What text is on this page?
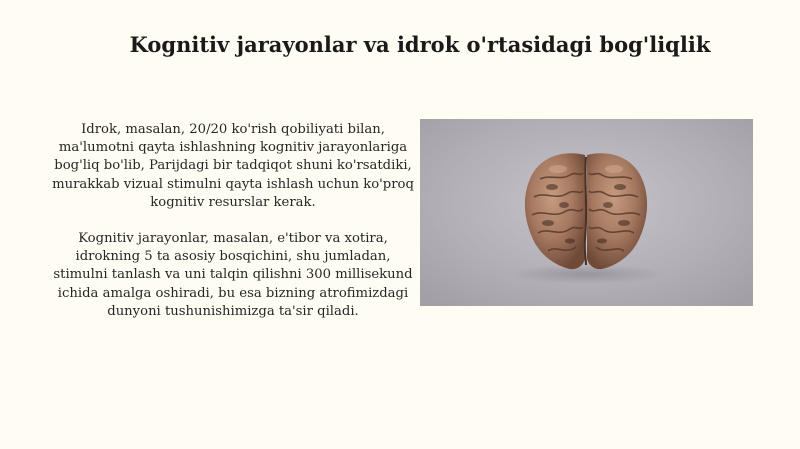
Kognitiv jarayonlar va idrok o'rtasidagi bog'liqlik

Idrok, masalan, 20/20 ko'rish qobiliyati bilan, ma'lumotni qayta ishlashning kognitiv jarayonlariga bog'liq bo'lib, Parijdagi bir tadqiqot shuni ko'rsatdiki, murakkab vizual stimulni qayta ishlash uchun ko'proq kognitiv resurslar kerak.

Kognitiv jarayonlar, masalan, e'tibor va xotira, idrokning 5 ta asosiy bosqichini, shu jumladan, stimulni tanlash va uni talqin qilishni 300 millisekund ichida amalga oshiradi, bu esa bizning atrofimizdagi dunyoni tushunishimizga ta'sir qiladi.
